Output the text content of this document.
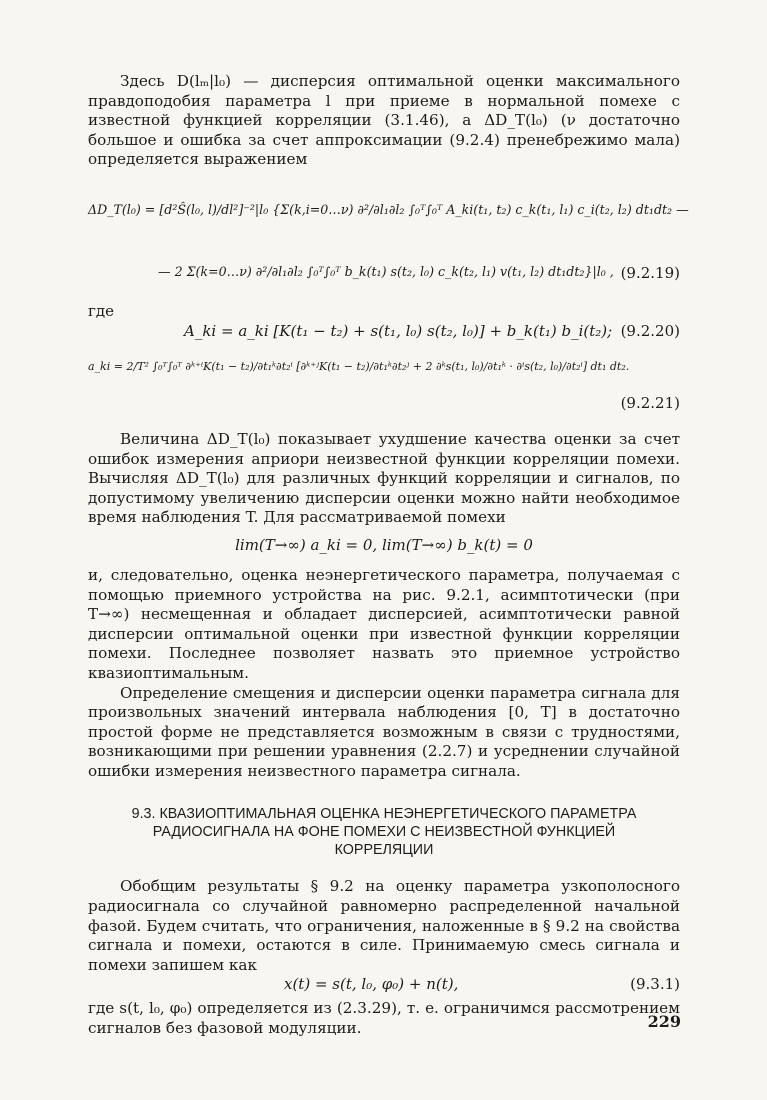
Здесь D(lₘ|l₀) — дисперсия оптимальной оценки максимального правдоподобия параметра l при приеме в нормальной помехе с известной функцией корреляции (3.1.46), а ΔD_T(l₀) (ν достаточно большое и ошибка за счет аппроксимации (9.2.4) пренебрежимо мала) определяется выражением

ΔD_T(l₀) = [d²Ŝ(l₀, l)/dl²]⁻²|l₀ {Σ(k,i=0…ν) ∂²/∂l₁∂l₂ ∫₀ᵀ∫₀ᵀ A_ki(t₁, t₂) c_k(t₁, l₁) c_i(t₂, l₂) dt₁dt₂ —
— 2 Σ(k=0…ν) ∂²/∂l₁∂l₂ ∫₀ᵀ∫₀ᵀ b_k(t₁) s(t₂, l₀) c_k(t₂, l₁) v(t₁, l₂) dt₁dt₂}|l₀ , (9.2.19)
где
A_ki = a_ki [K(t₁ − t₂) + s(t₁, l₀) s(t₂, l₀)] + b_k(t₁) b_i(t₂); (9.2.20)
a_ki = 2/T² ∫₀ᵀ∫₀ᵀ ∂ᵏ⁺ⁱK(t₁ − t₂)/∂t₁ᵏ∂t₂ⁱ [∂ᵏ⁺ʲK(t₁ − t₂)/∂t₁ᵏ∂t₂ʲ + 2 ∂ᵏs(t₁, l₀)/∂t₁ᵏ · ∂ⁱs(t₂, l₀)/∂t₂ⁱ] dt₁ dt₂.
(9.2.21)

Величина ΔD_T(l₀) показывает ухудшение качества оценки за счет ошибок измерения априори неизвестной функции корреляции помехи. Вычисляя ΔD_T(l₀) для различных функций корреляции и сигналов, по допустимому увеличению дисперсии оценки можно найти необходимое время наблюдения T. Для рассматриваемой помехи

lim(T→∞) a_ki = 0, lim(T→∞) b_k(t) = 0

и, следовательно, оценка неэнергетического параметра, получаемая с помощью приемного устройства на рис. 9.2.1, асимптотически (при T→∞) несмещенная и обладает дисперсией, асимптотически равной дисперсии оптимальной оценки при известной функции корреляции помехи. Последнее позволяет назвать это приемное устройство квазиоптимальным.

Определение смещения и дисперсии оценки параметра сигнала для произвольных значений интервала наблюдения [0, T] в достаточно простой форме не представляется возможным в связи с трудностями, возникающими при решении уравнения (2.2.7) и усреднении случайной ошибки измерения неизвестного параметра сигнала.

9.3. КВАЗИОПТИМАЛЬНАЯ ОЦЕНКА НЕЭНЕРГЕТИЧЕСКОГО ПАРАМЕТРА

РАДИОСИГНАЛА НА ФОНЕ ПОМЕХИ С НЕИЗВЕСТНОЙ ФУНКЦИЕЙ

КОРРЕЛЯЦИИ

Обобщим результаты § 9.2 на оценку параметра узкополосного радиосигнала со случайной равномерно распределенной начальной фазой. Будем считать, что ограничения, наложенные в § 9.2 на свойства сигнала и помехи, остаются в силе. Принимаемую смесь сигнала и помехи запишем как

x(t) = s(t, l₀, φ₀) + n(t),	(9.3.1)

где s(t, l₀, φ₀) определяется из (2.3.29), т. е. ограничимся рассмотрением сигналов без фазовой модуляции.	229
